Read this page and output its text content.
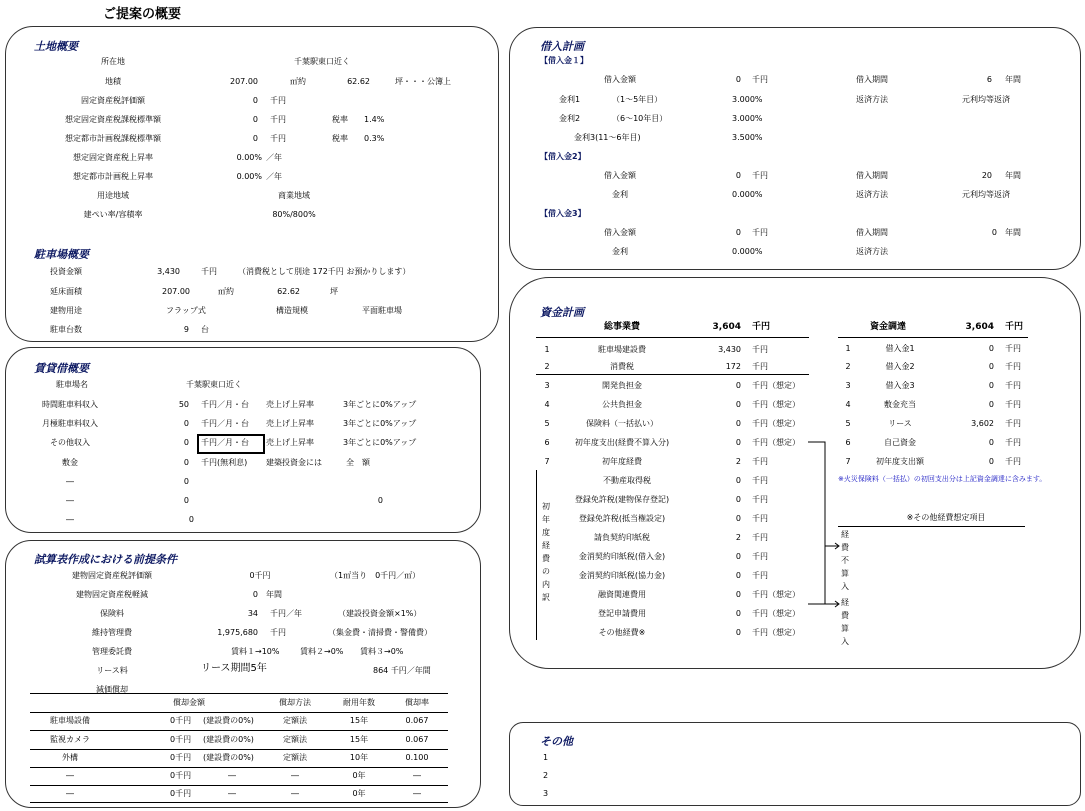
ご提案の概要
土地概要
所在地	千葉駅東口近く
地積	207.00	㎡約	62.62	坪・・・公簿上
固定資産税評価額	0 千円
想定固定資産税課税標準額	0 千円	税率 1.4%
想定都市計画税課税標準額	0 千円	税率 0.3%
想定固定資産税上昇率	0.00% ／年
想定都市計画税上昇率	0.00% ／年
用途地域	商業地域
建ぺい率/容積率	80%/800%
駐車場概要
投資金額	3,430	千円	（消費税として別途 172千円 お預かりします）
延床面積	207.00	㎡約	62.62	坪
建物用途	フラップ式	構造規模	平面駐車場
駐車台数	9 台
賃貸借概要
駐車場名	千葉駅東口近く
時間駐車料収入	50 千円／月・台 売上げ上昇率	3年ごとに0%アップ
月極駐車料収入	0 千円／月・台 売上げ上昇率	3年ごとに0%アップ
その他収入	0 千円／月・台 売上げ上昇率	3年ごとに0%アップ
敷金	0 千円(無利息) 建築投資金には	全　額
―	0
―	0	0
―	0
試算表作成における前提条件
建物固定資産税評価額	0千円	（1㎡当り　0千円／㎡）
建物固定資産税軽減	0 年間
保険料	34 千円／年	（建設投資金額×1%）
維持管理費	1,975,680 千円	（集金費・清掃費・警備費）
管理委託費	賃料１→10%	賃料２→0% 賃料３→0%
リース料	リース期間5年	864 千円／年間
減価償却
償却金額	償却方法	耐用年数	償却率
駐車場設備	0千円 (建設費の0%)	定額法	15年	0.067
監視カメラ	0千円 (建設費の0%)	定額法	15年	0.067
外構	0千円 (建設費の0%)	定額法	10年	0.100
―	0千円	―	―	0年	―
―	0千円	―	―	0年	―
借入計画
【借入金１】
借入金額	0 千円	借入期間	6 年間
金利1	（1～5年目）	3.000%	返済方法	元利均等返済
金利2	（6～10年目）	3.000%
金利3(11～6年目)	3.500%
【借入金2】
借入金額	0 千円	借入期間	20 年間
金利	0.000%	返済方法	元利均等返済
【借入金3】
借入金額	0 千円	借入期間	0 年間
金利	0.000%	返済方法
資金計画
総事業費	3,604 千円
1	駐車場建設費	3,430 千円
2	消費税	172 千円
3	開発負担金	0 千円（想定）
4	公共負担金	0 千円（想定）
5	保険料（一括払い）	0 千円（想定）
6	初年度支出(経費不算入分)	0 千円（想定）
7	初年度経費	2 千円
初
年
度
経
費
の
内
訳
不動産取得税	0 千円
登録免許税(建物保存登記)	0 千円
登録免許税(抵当権設定)	0 千円
請負契約印紙税	2 千円
金消契約印紙税(借入金)	0 千円
金消契約印紙税(協力金)	0 千円
融資関連費用	0 千円（想定）
登記申請費用	0 千円（想定）
その他経費※	0 千円（想定）
経
費
不
算
入
経
費
算
入
資金調達	3,604 千円
1	借入金1	0 千円
2	借入金2	0 千円
3	借入金3	0 千円
4	敷金充当	0 千円
5	リース	3,602 千円
6	自己資金	0 千円
7	初年度支出額	0 千円
※火災保険料（一括払）の初回支出分は上記資金調達に含みます。
※その他経費想定項目
その他
1
2
3
